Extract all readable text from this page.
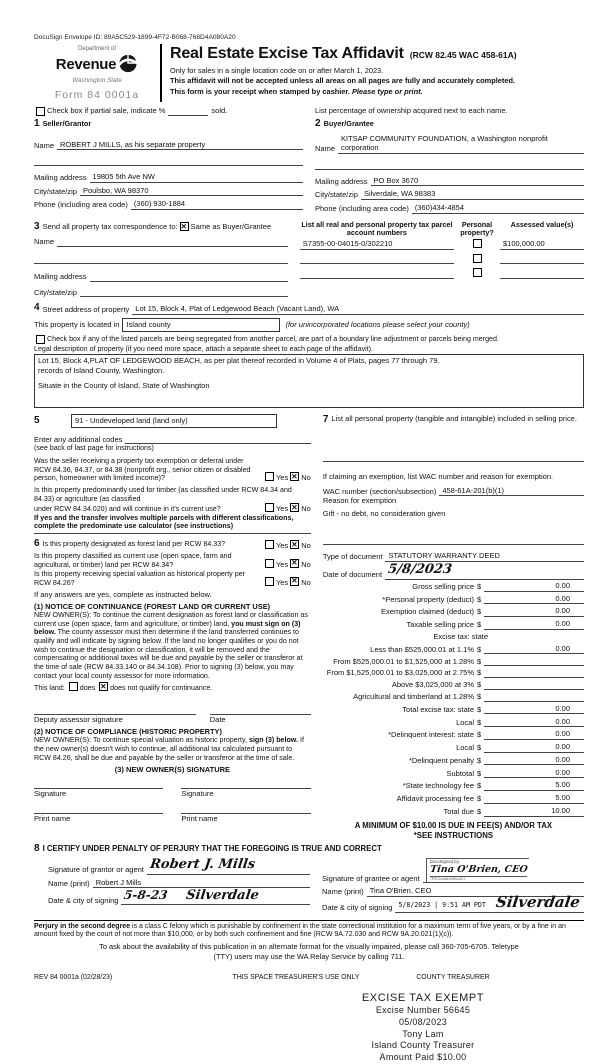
DocuSign Envelope ID: 89A5C529-1899-4F72-B068-768D4A080A20
Department of
Revenue
Washington State
Form 84 0001a
Real Estate Excise Tax Affidavit (RCW 82.45 WAC 458-61A)
Only for sales in a single location code on or after March 1, 2023.
This affidavit will not be accepted unless all areas on all pages are fully and accurately completed.
This form is your receipt when stamped by cashier. Please type or print.
Check box if partial sale, indicate %	sold.	List percentage of ownership acquired next to each name.
1 Seller/Grantor
Name ROBERT J MILLS, as his separate property
Mailing address 19805 5th Ave NW
City/state/zip Poulsbo, WA 98370
Phone (including area code) (360) 930-1884
2 Buyer/Grantee
KITSAP COMMUNITY FOUNDATION, a Washington nonprofit
Name corporation
Mailing address PO Box 3670
City/state/zip Silverdale, WA 98383
Phone (including area code) (360)434-4854
3 Send all property tax correspondence to: ✕ Same as Buyer/Grantee
Name
Mailing address
City/state/zip
List all real and personal property tax parcel account numbers
Personal property?
Assessed value(s)
S7355-00-04015-0/302210	$100,000.00
4 Street address of property Lot 15, Block 4, Plat of Ledgewood Beach (Vacant Land), WA
This property is located in Island county	(for unincorporated locations please select your county)
Check box if any of the listed parcels are being segregated from another parcel, are part of a boundary line adjustment or parcels being merged.
Legal description of property (if you need more space, attach a separate sheet to each page of the affidavit).
Lot 15, Block 4,PLAT OF LEDGEWOOD BEACH, as per plat thereof recorded in Volume 4 of Plats, pages 77 through 79.
records of Island County, Washington.
Situate in the County of Island, State of Washington
5	91 - Undeveloped land (land only)
Enter any additional codes
(see back of last page for instructions)
Was the seller receiving a property tax exemption or deferral under RCW 84.36, 84.37, or 84.38 (nonprofit org., senior citizen or disabled person, homeowner with limited income)?	Yes ✕ No
Is this property predominantly used for timber (as classified under RCW 84.34 and 84.33) or agriculture (as classified
under RCW 84.34.020) and will continue in it's current use?	Yes ✕ No
If yes and the transfer involves multiple parcels with different classifications, complete the predominate use calculator (see instructions)
6 Is this property designated as forest land per RCW 84.33?	Yes ✕ No
Is this property classified as current use (open space, farm and agricultural, or timber) land per RCW 84.34?	Yes ✕ No
Is this property receiving special valuation as historical property per RCW 84.26?	Yes ✕ No
If any answers are yes, complete as instructed below.
(1) NOTICE OF CONTINUANCE (FOREST LAND OR CURRENT USE)
NEW OWNER(S): To continue the current designation as forest land or classification as current use (open space, farm and agriculture, or timber) land, you must sign on (3) below. The county assessor must then determine if the land transferred continues to qualify and will indicate by signing below. If the land no longer qualifies or you do not wish to continue the designation or classification, it will be removed and the compensating or additional taxes will be due and payable by the seller or transferor at the time of sale (RCW 84.33.140 or 84.34.108). Prior to signing (3) below, you may contact your local county assessor for more information.
This land: does ✕ does not qualify for continuance.
Deputy assessor signature	Date
(2) NOTICE OF COMPLIANCE (HISTORIC PROPERTY)
NEW OWNER(S): To continue special valuation as historic property, sign (3) below. If the new owner(s) doesn't wish to continue, all additional tax calculated pursuant to RCW 84.26, shall be due and payable by the seller or transferor at the time of sale.
(3) NEW OWNER(S) SIGNATURE
Signature
Print name
Signature
Print name
7 List all personal property (tangible and intangible) included in selling price.
If claiming an exemption, list WAC number and reason for exemption.
WAC number (section/subsection) 458-61A-201(b)(1)
Reason for exemption
Gift - no debt, no consideration given
Type of document STATUTORY WARRANTY DEED
Date of document 5/8/2023
Gross selling price $	0.00
*Personal property (deduct) $	0.00
Exemption claimed (deduct) $	0.00
Taxable selling price $	0.00
Excise tax: state
Less than $525,000.01 at 1.1% $	0.00
From $525,000.01 to $1,525,000 at 1.28% $
From $1,525,000.01 to $3,025,000 at 2.75% $
Above $3,025,000 at 3% $
Agricultural and timberland at 1.28% $
Total excise tax: state $	0.00
Local $	0.00
*Delinquent interest: state $	0.00
Local $	0.00
*Delinquent penalty $	0.00
Subtotal $	0.00
*State technology fee $	5.00
Affidavit processing fee $	5.00
Total due $	10.00
A MINIMUM OF $10.00 IS DUE IN FEE(S) AND/OR TAX
*SEE INSTRUCTIONS
8 I CERTIFY UNDER PENALTY OF PERJURY THAT THE FOREGOING IS TRUE AND CORRECT
Signature of grantor or agent Robert J. Mills
Name (print) Robert J Mills
Date & city of signing 5-8-23 Silverdale
Signature of grantee or agent
DocuSigned by:
Tina O'Brien, CEO
7F972A46D09B44C7
Name (print) Tina O'Brien, CEO
Date & city of signing 5/8/2023 | 9:51 AM PDT Silverdale
Perjury in the second degree is a class C felony which is punishable by confinement in the state correctional institution for a maximum term of five years, or by a fine in an amount fixed by the court of not more than $10,000, or by both such confinement and fine (RCW 9A.72.030 and RCW 9A.20.021(1)(c)).
To ask about the availability of this publication in an alternate format for the visually impaired, please call 360-705-6705. Teletype
(TTY) users may use the WA Relay Service by calling 711.
REV 84 0001a (02/28/23)	THIS SPACE TREASURER'S USE ONLY	COUNTY TREASURER
EXCISE TAX EXEMPT
Excise Number 56645
05/08/2023
Tony Lam
Island County Treasurer
Amount Paid $10.00
